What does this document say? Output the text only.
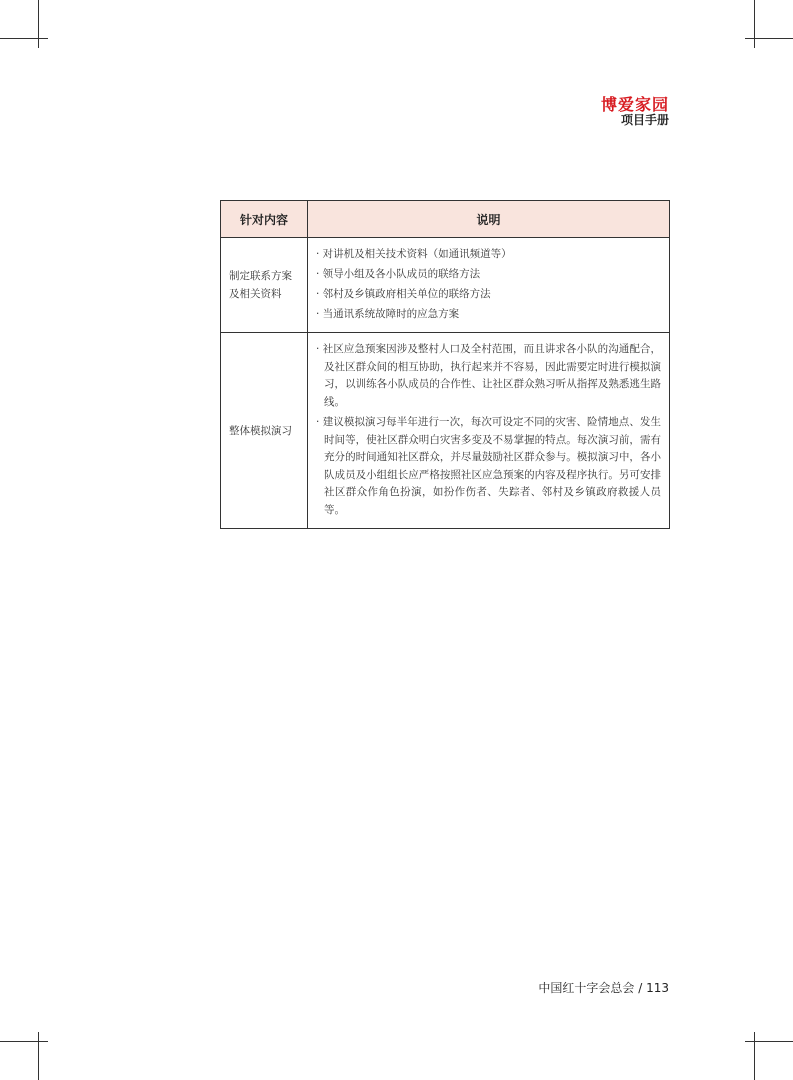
博爱家园
项目手册
针对内容	说明
制定联系方案及相关资料	· 对讲机及相关技术资料（如通讯频道等）
· 领导小组及各小队成员的联络方法
· 邻村及乡镇政府相关单位的联络方法
· 当通讯系统故障时的应急方案

整体模拟演习	· 社区应急预案因涉及整村人口及全村范围，而且讲求各小队的沟通配合，及社区群众间的相互协助，执行起来并不容易，因此需要定时进行模拟演习，以训练各小队成员的合作性、让社区群众熟习听从指挥及熟悉逃生路线。
· 建议模拟演习每半年进行一次，每次可设定不同的灾害、险情地点、发生时间等，使社区群众明白灾害多变及不易掌握的特点。每次演习前，需有充分的时间通知社区群众，并尽量鼓励社区群众参与。模拟演习中，各小队成员及小组组长应严格按照社区应急预案的内容及程序执行。另可安排社区群众作角色扮演，如扮作伤者、失踪者、邻村及乡镇政府救援人员等。
中国红十字会总会 / 113
